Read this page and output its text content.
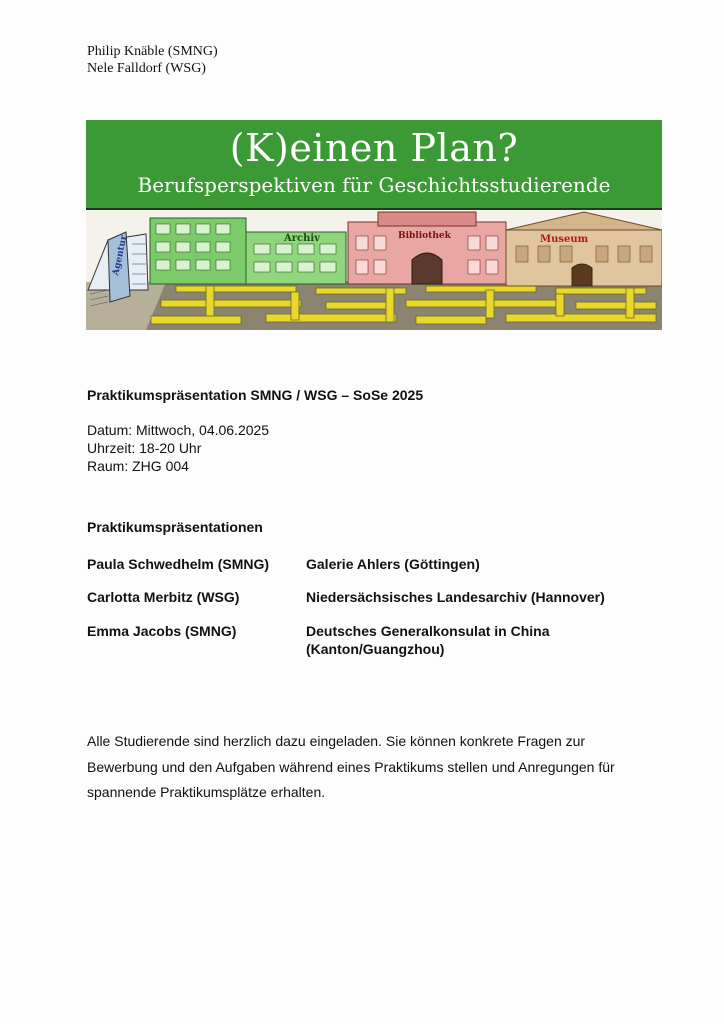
Philip Knäble (SMNG)
Nele Falldorf (WSG)
(K)einen Plan?
Berufsperspektiven für Geschichtsstudierende
Agentur	Archiv	Bibliothek	Museum
Praktikumspräsentation SMNG / WSG – SoSe 2025
Datum: Mittwoch, 04.06.2025
Uhrzeit: 18-20 Uhr
Raum: ZHG 004
Praktikumspräsentationen
Paula Schwedhelm (SMNG)	Galerie Ahlers (Göttingen)
Carlotta Merbitz (WSG)	Niedersächsisches Landesarchiv (Hannover)
Emma Jacobs (SMNG)	Deutsches Generalkonsulat in China (Kanton/Guangzhou)
Alle Studierende sind herzlich dazu eingeladen. Sie können konkrete Fragen zur Bewerbung und den Aufgaben während eines Praktikums stellen und Anregungen für spannende Praktikumsplätze erhalten.
